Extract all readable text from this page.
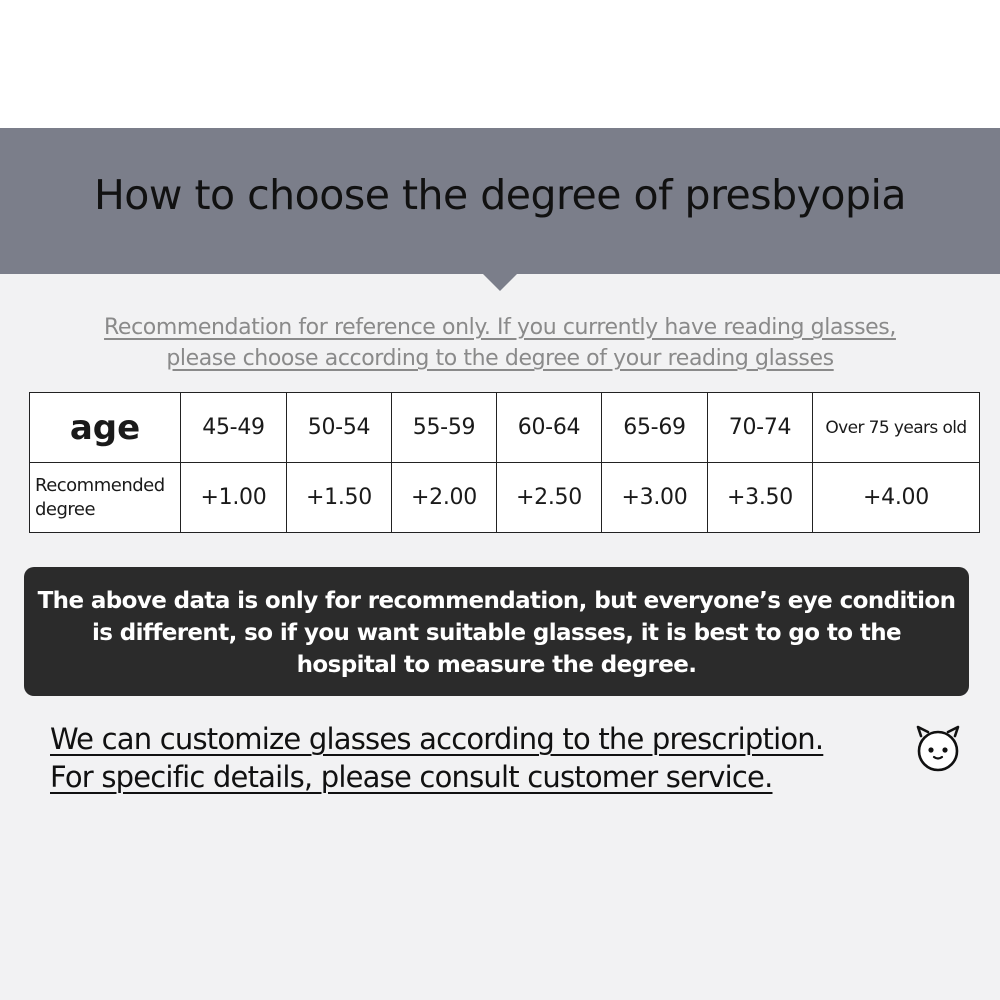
How to choose the degree of presbyopia
Recommendation for reference only. If you currently have reading glasses,
please choose according to the degree of your reading glasses
age	45-49	50-54	55-59	60-64	65-69	70-74	Over 75 years old
Recommended
degree	+1.00	+1.50	+2.00	+2.50	+3.00	+3.50	+4.00
The above data is only for recommendation, but everyone’s eye condition
is different, so if you want suitable glasses, it is best to go to the
hospital to measure the degree.
We can customize glasses according to the prescription.
For specific details, please consult customer service.
